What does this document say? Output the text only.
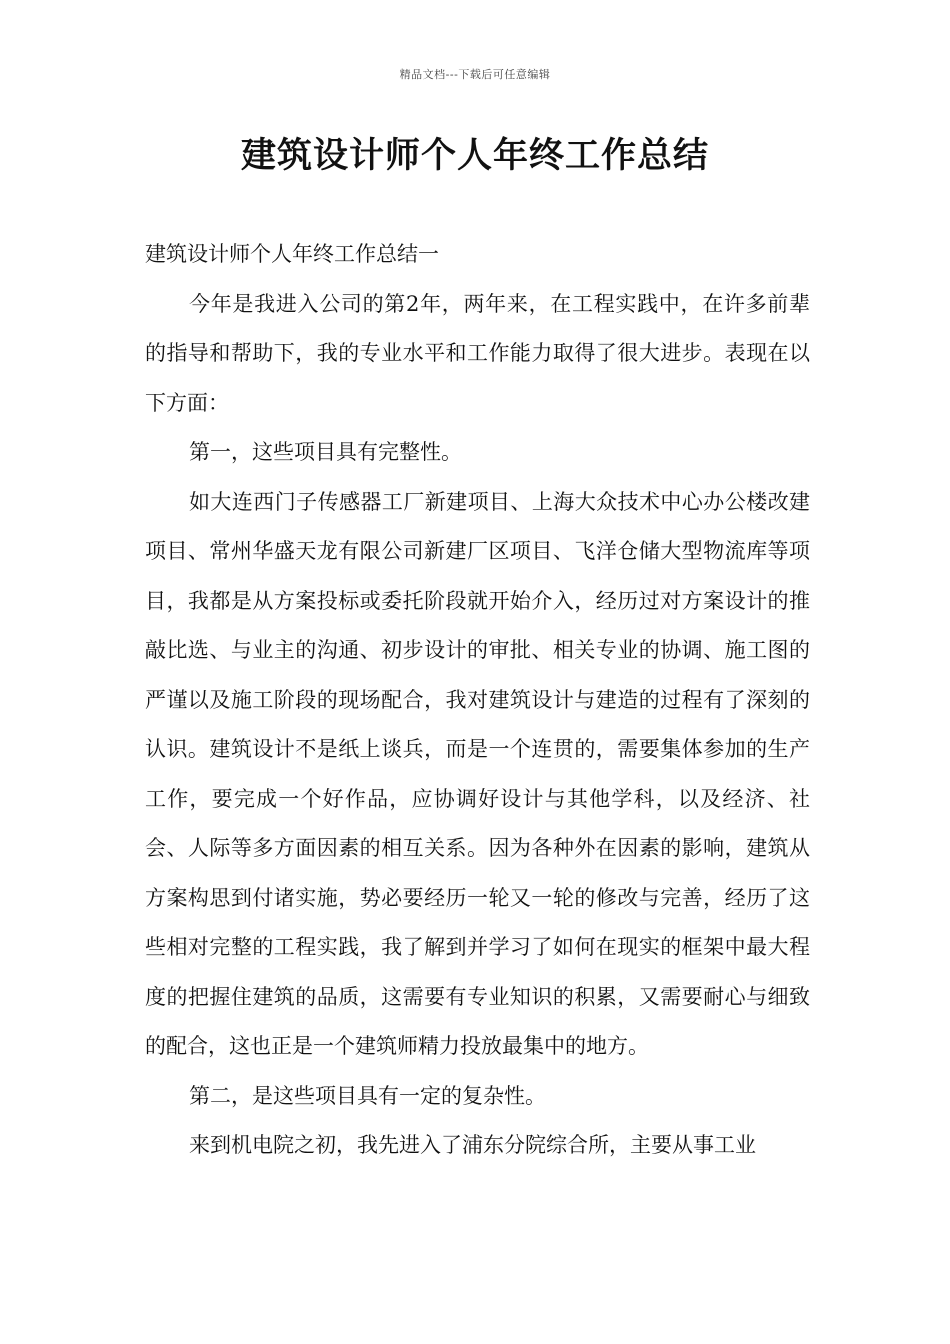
精品文档---下载后可任意编辑
建筑设计师个人年终工作总结

建筑设计师个人年终工作总结一

今年是我进入公司的第2年，两年来，在工程实践中，在许多前辈的指导和帮助下，我的专业水平和工作能力取得了很大进步。表现在以下方面：

第一，这些项目具有完整性。

如大连西门子传感器工厂新建项目、上海大众技术中心办公楼改建项目、常州华盛天龙有限公司新建厂区项目、飞洋仓储大型物流库等项目，我都是从方案投标或委托阶段就开始介入，经历过对方案设计的推敲比选、与业主的沟通、初步设计的审批、相关专业的协调、施工图的严谨以及施工阶段的现场配合，我对建筑设计与建造的过程有了深刻的认识。建筑设计不是纸上谈兵，而是一个连贯的，需要集体参加的生产工作，要完成一个好作品，应协调好设计与其他学科，以及经济、社会、人际等多方面因素的相互关系。因为各种外在因素的影响，建筑从方案构思到付诸实施，势必要经历一轮又一轮的修改与完善，经历了这些相对完整的工程实践，我了解到并学习了如何在现实的框架中最大程度的把握住建筑的品质，这需要有专业知识的积累，又需要耐心与细致的配合，这也正是一个建筑师精力投放最集中的地方。

第二，是这些项目具有一定的复杂性。

来到机电院之初，我先进入了浦东分院综合所，主要从事工业
